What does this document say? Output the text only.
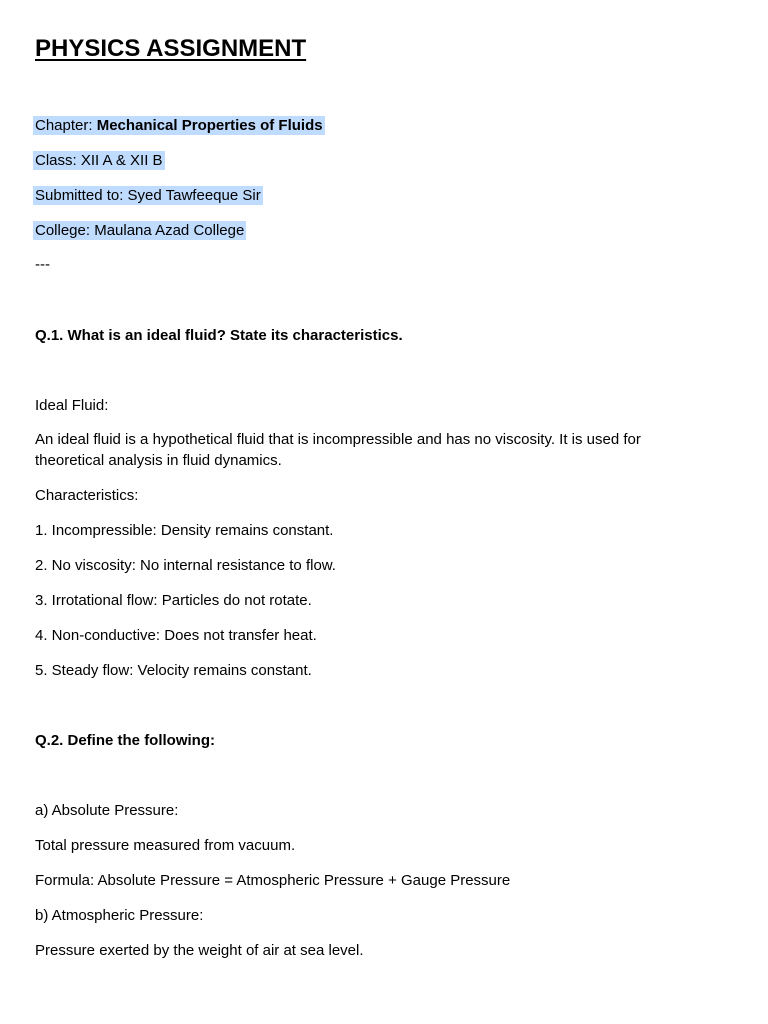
PHYSICS ASSIGNMENT
Chapter: Mechanical Properties of Fluids
Class: XII A & XII B
Submitted to: Syed Tawfeeque Sir
College: Maulana Azad College
---
Q.1. What is an ideal fluid? State its characteristics.
Ideal Fluid:
An ideal fluid is a hypothetical fluid that is incompressible and has no viscosity. It is used for theoretical analysis in fluid dynamics.
Characteristics:
1. Incompressible: Density remains constant.
2. No viscosity: No internal resistance to flow.
3. Irrotational flow: Particles do not rotate.
4. Non-conductive: Does not transfer heat.
5. Steady flow: Velocity remains constant.
Q.2. Define the following:
a) Absolute Pressure:
Total pressure measured from vacuum.
Formula: Absolute Pressure = Atmospheric Pressure + Gauge Pressure
b) Atmospheric Pressure:
Pressure exerted by the weight of air at sea level.
